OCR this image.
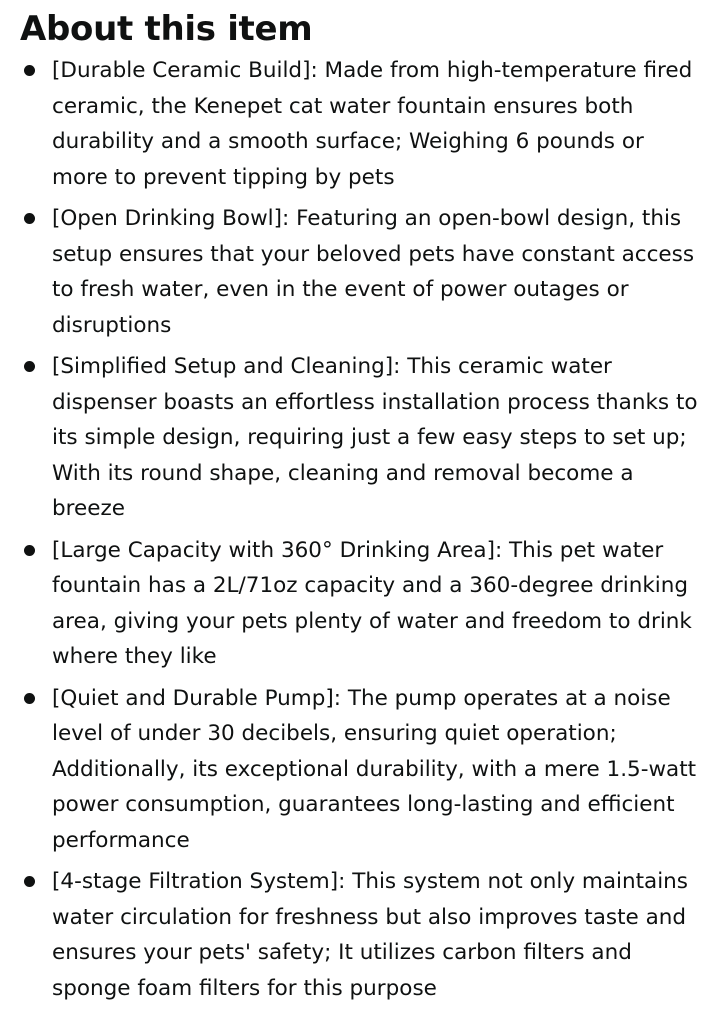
About this item
[Durable Ceramic Build]: Made from high-temperature fired ceramic, the Kenepet cat water fountain ensures both durability and a smooth surface; Weighing 6 pounds or more to prevent tipping by pets
[Open Drinking Bowl]: Featuring an open-bowl design, this setup ensures that your beloved pets have constant access to fresh water, even in the event of power outages or disruptions
[Simplified Setup and Cleaning]: This ceramic water dispenser boasts an effortless installation process thanks to its simple design, requiring just a few easy steps to set up; With its round shape, cleaning and removal become a breeze
[Large Capacity with 360° Drinking Area]: This pet water fountain has a 2L/71oz capacity and a 360-degree drinking area, giving your pets plenty of water and freedom to drink where they like
[Quiet and Durable Pump]: The pump operates at a noise level of under 30 decibels, ensuring quiet operation; Additionally, its exceptional durability, with a mere 1.5-watt power consumption, guarantees long-lasting and efficient performance
[4-stage Filtration System]: This system not only maintains water circulation for freshness but also improves taste and ensures your pets' safety; It utilizes carbon filters and sponge foam filters for this purpose
